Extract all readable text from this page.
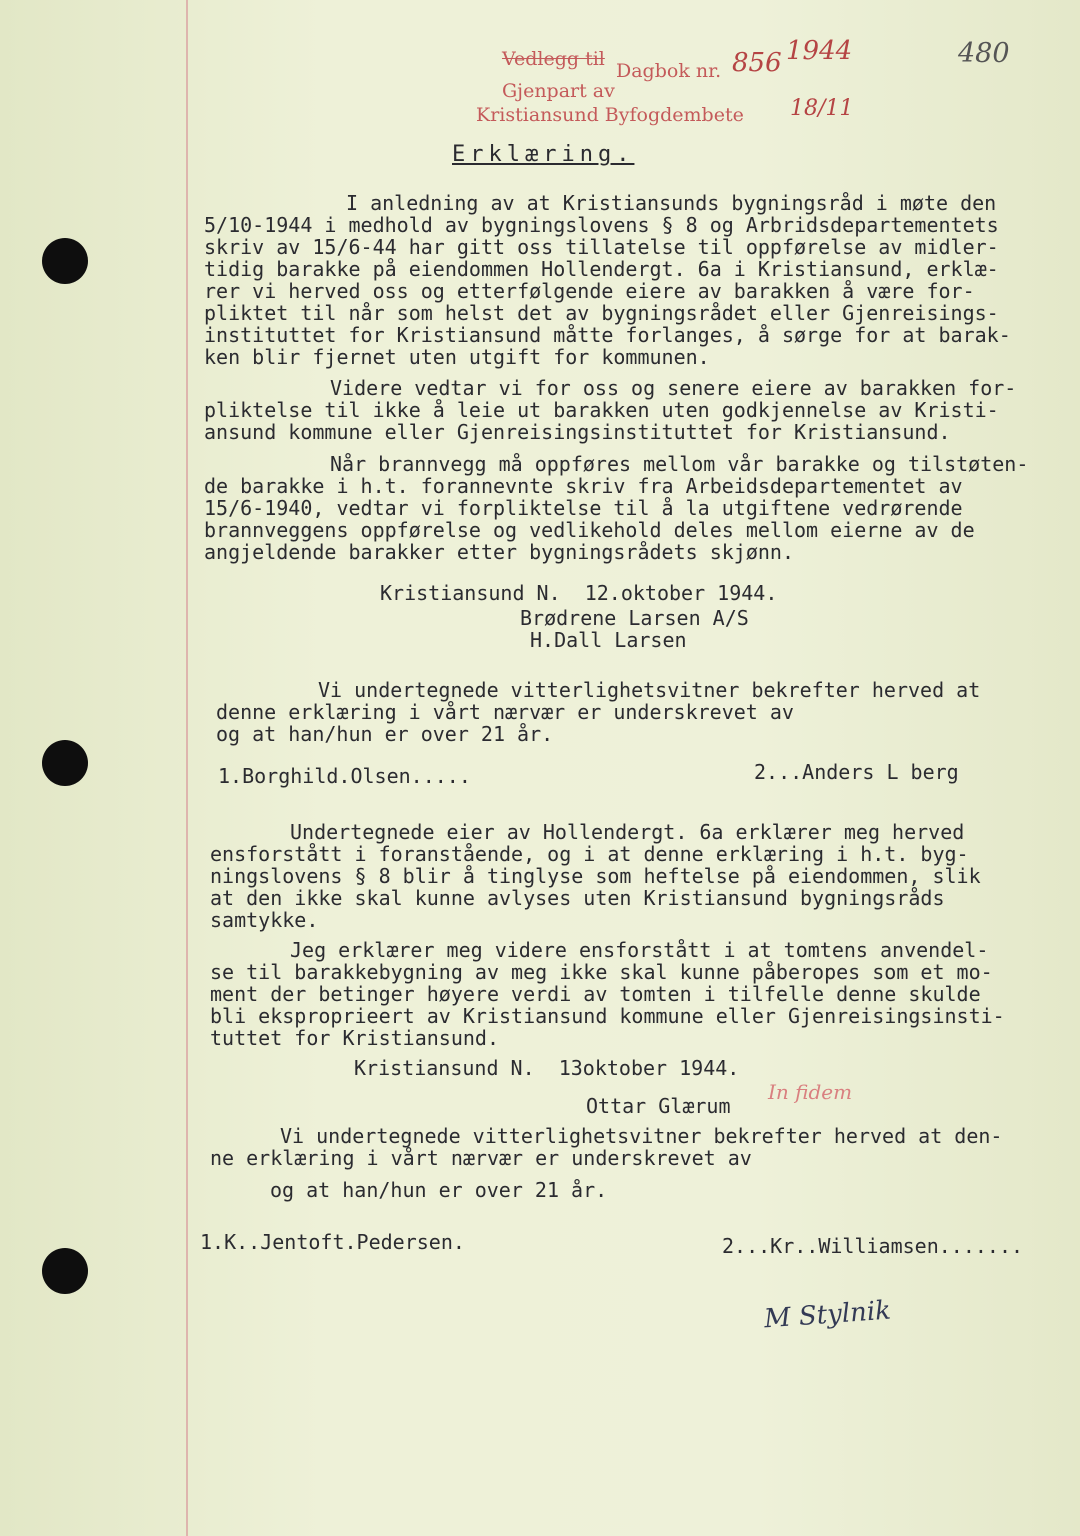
480
Vedlegg til
Dagbok nr. 856 1944
Gjenpart av
Kristiansund Byfogdembete 18/11
Erklæring.
I anledning av at Kristiansunds bygningsråd i møte den
5/10-1944 i medhold av bygningslovens § 8 og Arbridsdepartementets
skriv av 15/6-44 har gitt oss tillatelse til oppførelse av midler-
tidig barakke på eiendommen Hollendergt. 6a i Kristiansund, erklæ-
rer vi herved oss og etterfølgende eiere av barakken å være for-
pliktet til når som helst det av bygningsrådet eller Gjenreisings-
instituttet for Kristiansund måtte forlanges, å sørge for at barak-
ken blir fjernet uten utgift for kommunen.
Videre vedtar vi for oss og senere eiere av barakken for-
pliktelse til ikke å leie ut barakken uten godkjennelse av Kristi-
ansund kommune eller Gjenreisingsinstituttet for Kristiansund.
Når brannvegg må oppføres mellom vår barakke og tilstøten-
de barakke i h.t. forannevnte skriv fra Arbeidsdepartementet av
15/6-1940, vedtar vi forpliktelse til å la utgiftene vedrørende
brannveggens oppførelse og vedlikehold deles mellom eierne av de
angjeldende barakker etter bygningsrådets skjønn.
Kristiansund N.  12.oktober 1944.
Brødrene Larsen A/S
H.Dall Larsen
Vi undertegnede vitterlighetsvitner bekrefter herved at
denne erklæring i vårt nærvær er underskrevet av
og at han/hun er over 21 år.
1.Borghild.Olsen.....	2...Anders L berg
Undertegnede eier av Hollendergt. 6a erklærer meg herved
ensforstått i foranstående, og i at denne erklæring i h.t. byg-
ningslovens § 8 blir å tinglyse som heftelse på eiendommen, slik
at den ikke skal kunne avlyses uten Kristiansund bygningsråds
samtykke.
Jeg erklærer meg videre ensforstått i at tomtens anvendel-
se til barakkebygning av meg ikke skal kunne påberopes som et mo-
ment der betinger høyere verdi av tomten i tilfelle denne skulde
bli eksproprieert av Kristiansund kommune eller Gjenreisingsinsti-
tuttet for Kristiansund.
Kristiansund N.  13oktober 1944.
Ottar Glærum
Vi undertegnede vitterlighetsvitner bekrefter herved at den-
ne erklæring i vårt nærvær er underskrevet av
og at han/hun er over 21 år.
1.K..Jentoft.Pedersen.	2...Kr..Williamsen.......
In fidem
M Stylnik
